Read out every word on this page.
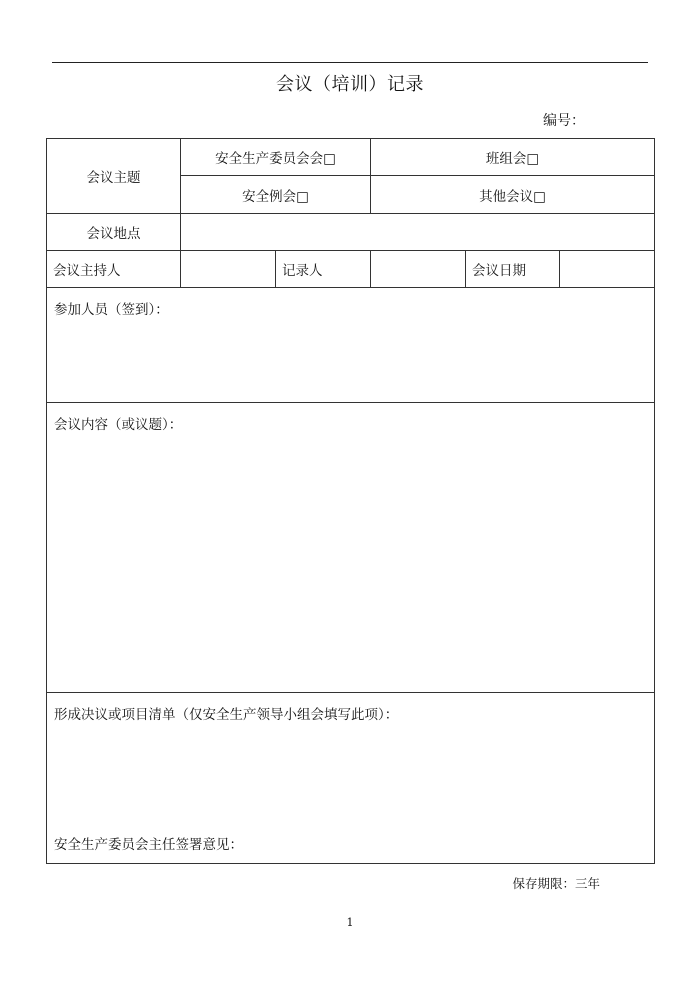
会议（培训）记录
编号：
会议主题
安全生产委员会会□	班组会□
安全例会□	其他会议□
会议地点
会议主持人	记录人	会议日期
参加人员（签到）：
会议内容（或议题）：
形成决议或项目清单（仅安全生产领导小组会填写此项）：
安全生产委员会主任签署意见：
保存期限：三年
1
